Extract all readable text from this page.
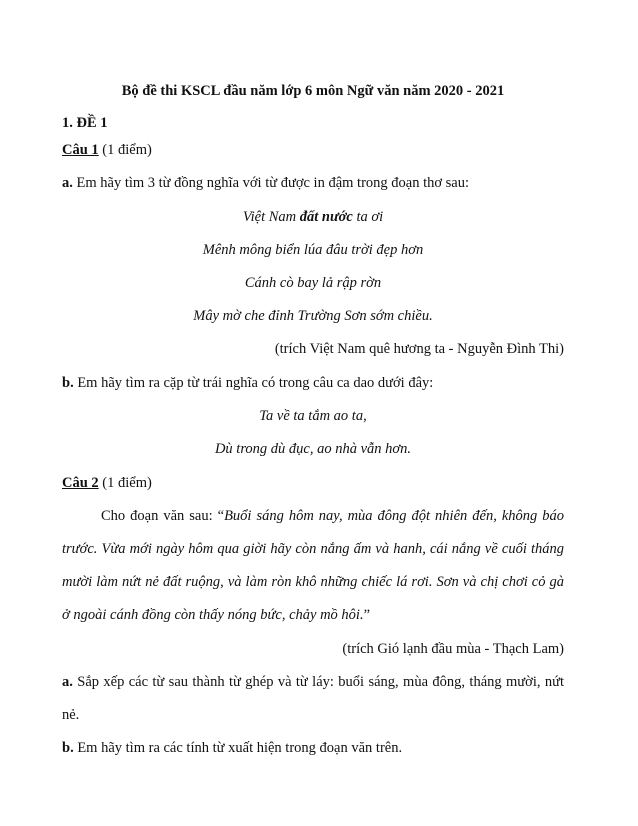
Bộ đề thi KSCL đầu năm lớp 6 môn Ngữ văn năm 2020 - 2021
1. ĐỀ 1
Câu 1 (1 điểm)
a. Em hãy tìm 3 từ đồng nghĩa với từ được in đậm trong đoạn thơ sau:
Việt Nam đất nước ta ơi
Mênh mông biển lúa đâu trời đẹp hơn
Cánh cò bay lả rập rờn
Mây mờ che đỉnh Trường Sơn sớm chiều.
(trích Việt Nam quê hương ta - Nguyễn Đình Thi)
b. Em hãy tìm ra cặp từ trái nghĩa có trong câu ca dao dưới đây:
Ta về ta tắm ao ta,
Dù trong dù đục, ao nhà vẫn hơn.
Câu 2 (1 điểm)
Cho đoạn văn sau: “Buổi sáng hôm nay, mùa đông đột nhiên đến, không báo
trước. Vừa mới ngày hôm qua giời hãy còn nắng ấm và hanh, cái nắng về cuối tháng
mười làm nứt nẻ đất ruộng, và làm ròn khô những chiếc lá rơi. Sơn và chị chơi cỏ gà
ở ngoài cánh đồng còn thấy nóng bức, chảy mồ hôi.”
(trích Gió lạnh đầu mùa - Thạch Lam)
a. Sắp xếp các từ sau thành từ ghép và từ láy: buổi sáng, mùa đông, tháng mười, nứt
nẻ.
b. Em hãy tìm ra các tính từ xuất hiện trong đoạn văn trên.
